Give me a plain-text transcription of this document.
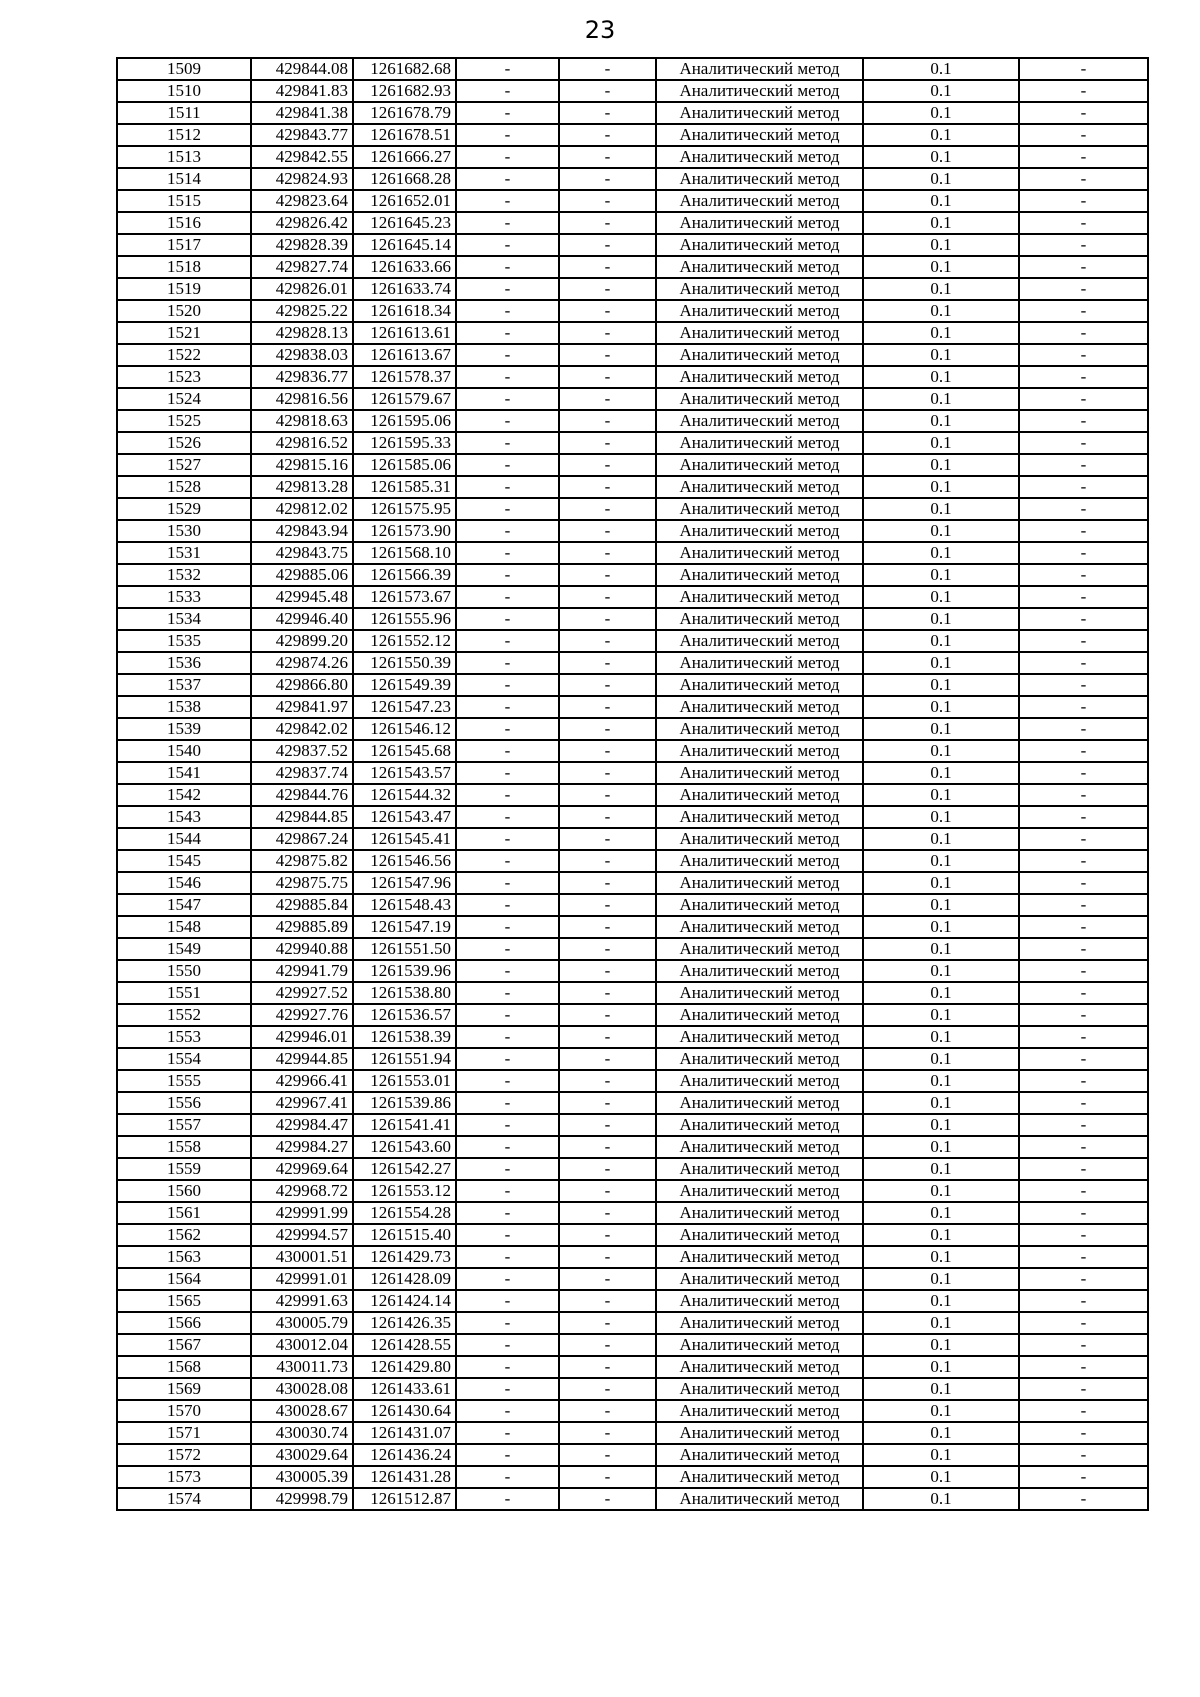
23
1509	429844.08	1261682.68	-	-	Аналитический метод	0.1	-
1510	429841.83	1261682.93	-	-	Аналитический метод	0.1	-
1511	429841.38	1261678.79	-	-	Аналитический метод	0.1	-
1512	429843.77	1261678.51	-	-	Аналитический метод	0.1	-
1513	429842.55	1261666.27	-	-	Аналитический метод	0.1	-
1514	429824.93	1261668.28	-	-	Аналитический метод	0.1	-
1515	429823.64	1261652.01	-	-	Аналитический метод	0.1	-
1516	429826.42	1261645.23	-	-	Аналитический метод	0.1	-
1517	429828.39	1261645.14	-	-	Аналитический метод	0.1	-
1518	429827.74	1261633.66	-	-	Аналитический метод	0.1	-
1519	429826.01	1261633.74	-	-	Аналитический метод	0.1	-
1520	429825.22	1261618.34	-	-	Аналитический метод	0.1	-
1521	429828.13	1261613.61	-	-	Аналитический метод	0.1	-
1522	429838.03	1261613.67	-	-	Аналитический метод	0.1	-
1523	429836.77	1261578.37	-	-	Аналитический метод	0.1	-
1524	429816.56	1261579.67	-	-	Аналитический метод	0.1	-
1525	429818.63	1261595.06	-	-	Аналитический метод	0.1	-
1526	429816.52	1261595.33	-	-	Аналитический метод	0.1	-
1527	429815.16	1261585.06	-	-	Аналитический метод	0.1	-
1528	429813.28	1261585.31	-	-	Аналитический метод	0.1	-
1529	429812.02	1261575.95	-	-	Аналитический метод	0.1	-
1530	429843.94	1261573.90	-	-	Аналитический метод	0.1	-
1531	429843.75	1261568.10	-	-	Аналитический метод	0.1	-
1532	429885.06	1261566.39	-	-	Аналитический метод	0.1	-
1533	429945.48	1261573.67	-	-	Аналитический метод	0.1	-
1534	429946.40	1261555.96	-	-	Аналитический метод	0.1	-
1535	429899.20	1261552.12	-	-	Аналитический метод	0.1	-
1536	429874.26	1261550.39	-	-	Аналитический метод	0.1	-
1537	429866.80	1261549.39	-	-	Аналитический метод	0.1	-
1538	429841.97	1261547.23	-	-	Аналитический метод	0.1	-
1539	429842.02	1261546.12	-	-	Аналитический метод	0.1	-
1540	429837.52	1261545.68	-	-	Аналитический метод	0.1	-
1541	429837.74	1261543.57	-	-	Аналитический метод	0.1	-
1542	429844.76	1261544.32	-	-	Аналитический метод	0.1	-
1543	429844.85	1261543.47	-	-	Аналитический метод	0.1	-
1544	429867.24	1261545.41	-	-	Аналитический метод	0.1	-
1545	429875.82	1261546.56	-	-	Аналитический метод	0.1	-
1546	429875.75	1261547.96	-	-	Аналитический метод	0.1	-
1547	429885.84	1261548.43	-	-	Аналитический метод	0.1	-
1548	429885.89	1261547.19	-	-	Аналитический метод	0.1	-
1549	429940.88	1261551.50	-	-	Аналитический метод	0.1	-
1550	429941.79	1261539.96	-	-	Аналитический метод	0.1	-
1551	429927.52	1261538.80	-	-	Аналитический метод	0.1	-
1552	429927.76	1261536.57	-	-	Аналитический метод	0.1	-
1553	429946.01	1261538.39	-	-	Аналитический метод	0.1	-
1554	429944.85	1261551.94	-	-	Аналитический метод	0.1	-
1555	429966.41	1261553.01	-	-	Аналитический метод	0.1	-
1556	429967.41	1261539.86	-	-	Аналитический метод	0.1	-
1557	429984.47	1261541.41	-	-	Аналитический метод	0.1	-
1558	429984.27	1261543.60	-	-	Аналитический метод	0.1	-
1559	429969.64	1261542.27	-	-	Аналитический метод	0.1	-
1560	429968.72	1261553.12	-	-	Аналитический метод	0.1	-
1561	429991.99	1261554.28	-	-	Аналитический метод	0.1	-
1562	429994.57	1261515.40	-	-	Аналитический метод	0.1	-
1563	430001.51	1261429.73	-	-	Аналитический метод	0.1	-
1564	429991.01	1261428.09	-	-	Аналитический метод	0.1	-
1565	429991.63	1261424.14	-	-	Аналитический метод	0.1	-
1566	430005.79	1261426.35	-	-	Аналитический метод	0.1	-
1567	430012.04	1261428.55	-	-	Аналитический метод	0.1	-
1568	430011.73	1261429.80	-	-	Аналитический метод	0.1	-
1569	430028.08	1261433.61	-	-	Аналитический метод	0.1	-
1570	430028.67	1261430.64	-	-	Аналитический метод	0.1	-
1571	430030.74	1261431.07	-	-	Аналитический метод	0.1	-
1572	430029.64	1261436.24	-	-	Аналитический метод	0.1	-
1573	430005.39	1261431.28	-	-	Аналитический метод	0.1	-
1574	429998.79	1261512.87	-	-	Аналитический метод	0.1	-
